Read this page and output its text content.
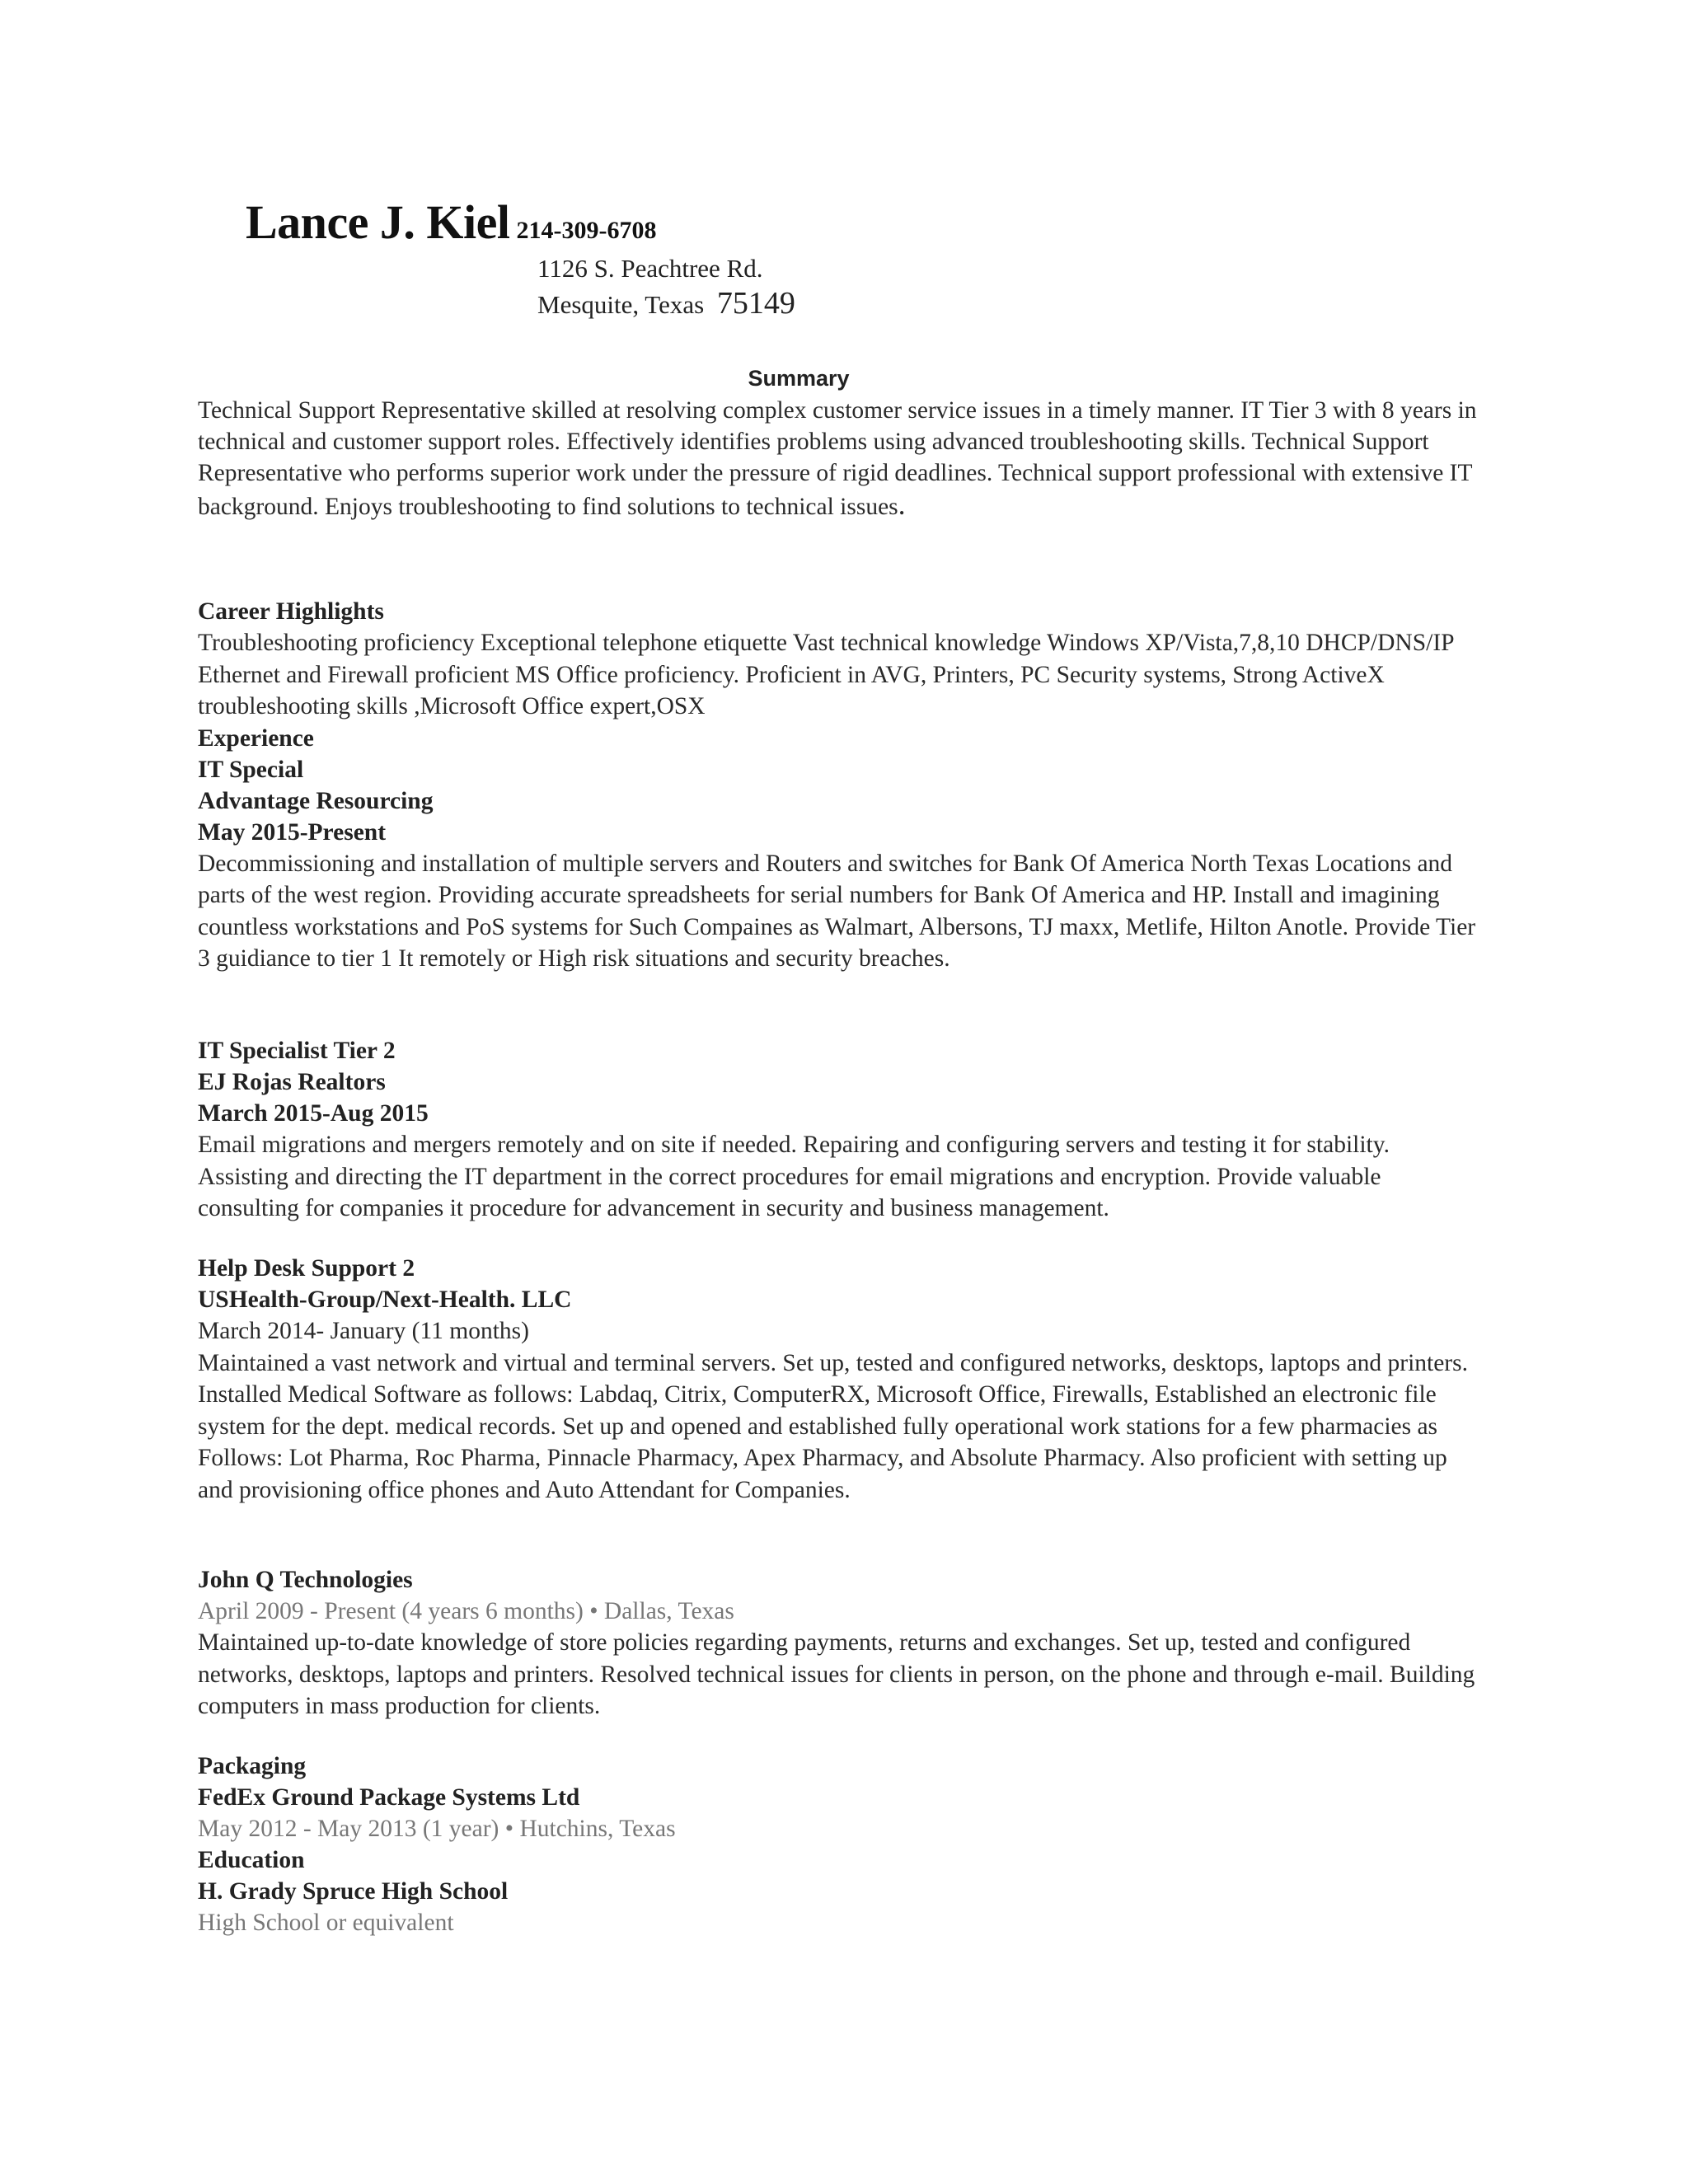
Lance J. Kiel 214-309-6708
1126 S. Peachtree Rd.
Mesquite, Texas 75149
Summary

Technical Support Representative skilled at resolving complex customer service issues in a timely manner. IT Tier 3 with 8 years in technical and customer support roles. Effectively identifies problems using advanced troubleshooting skills. Technical Support Representative who performs superior work under the pressure of rigid deadlines. Technical support professional with extensive IT background. Enjoys troubleshooting to find solutions to technical issues.

Career Highlights

Troubleshooting proficiency Exceptional telephone etiquette Vast technical knowledge Windows XP/Vista,7,8,10 DHCP/DNS/IP Ethernet and Firewall proficient MS Office proficiency. Proficient in AVG, Printers, PC Security systems, Strong ActiveX troubleshooting skills ,Microsoft Office expert,OSX

Experience

IT Special

Advantage Resourcing

May 2015-Present

Decommissioning and installation of multiple servers and Routers and switches for Bank Of America North Texas Locations and parts of the west region. Providing accurate spreadsheets for serial numbers for Bank Of America and HP. Install and imagining countless workstations and PoS systems for Such Compaines as Walmart, Albersons, TJ maxx, Metlife, Hilton Anotle. Provide Tier 3 guidiance to tier 1 It remotely or High risk situations and security breaches.

IT Specialist Tier 2

EJ Rojas Realtors

March 2015-Aug 2015

Email migrations and mergers remotely and on site if needed. Repairing and configuring servers and testing it for stability. Assisting and directing the IT department in the correct procedures for email migrations and encryption. Provide valuable consulting for companies it procedure for advancement in security and business management.

Help Desk Support 2

USHealth-Group/Next-Health. LLC

March 2014- January (11 months)

Maintained a vast network and virtual and terminal servers. Set up, tested and configured networks, desktops, laptops and printers. Installed Medical Software as follows: Labdaq, Citrix, ComputerRX, Microsoft Office, Firewalls, Established an electronic file system for the dept. medical records. Set up and opened and established fully operational work stations for a few pharmacies as Follows: Lot Pharma, Roc Pharma, Pinnacle Pharmacy, Apex Pharmacy, and Absolute Pharmacy. Also proficient with setting up and provisioning office phones and Auto Attendant for Companies.

John Q Technologies

April 2009 - Present (4 years 6 months) • Dallas, Texas

Maintained up-to-date knowledge of store policies regarding payments, returns and exchanges. Set up, tested and configured networks, desktops, laptops and printers. Resolved technical issues for clients in person, on the phone and through e-mail. Building computers in mass production for clients.

Packaging

FedEx Ground Package Systems Ltd

May 2012 - May 2013 (1 year) • Hutchins, Texas

Education

H. Grady Spruce High School

High School or equivalent
